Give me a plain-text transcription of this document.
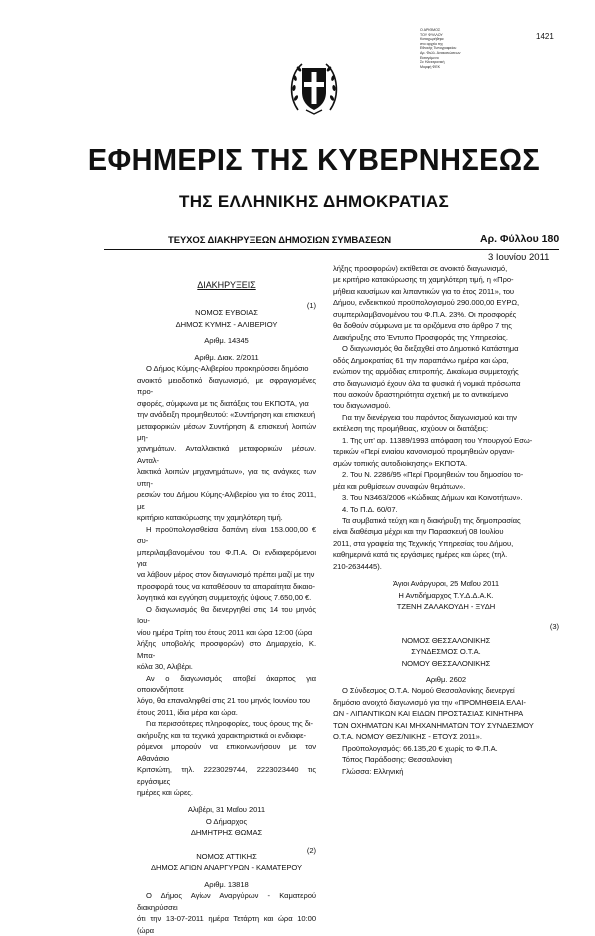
Ο ΑΡΙΘΜΟΣ
ΤΟΥ ΦΥΛΛΟΥ
Καταχωρήθηκε
στο αρχείο της
Εθνικής Τυπογραφείου
Αρ. Φυλλ. Ανακοινώσεων
Εισαγόμενο
Σε Ηλεκτρονική
Μορφή ΦΕΚ
1421
ΕΦΗΜΕΡΙΣ ΤΗΣ ΚΥΒΕΡΝΗΣΕΩΣ
ΤΗΣ ΕΛΛΗΝΙΚΗΣ ΔΗΜΟΚΡΑΤΙΑΣ
ΤΕΥΧΟΣ ΔΙΑΚΗΡΥΞΕΩΝ ΔΗΜΟΣΙΩΝ ΣΥΜΒΑΣΕΩΝ	Αρ. Φύλλου 180
3 Ιουνίου 2011

ΔΙΑΚΗΡΥΞΕΙΣ

(1)

ΝΟΜΟΣ ΕΥΒΟΙΑΣ

ΔΗΜΟΣ ΚΥΜΗΣ - ΑΛΙΒΕΡΙΟΥ

Αριθμ. 14345

Αριθμ. Διακ. 2/2011

Ο Δήμος Κύμης-Αλιβερίου προκηρύσσει δημόσιο

ανοικτό μειοδοτικό διαγωνισμό, με σφραγισμένες προ-

σφορές, σύμφωνα με τις διατάξεις του ΕΚΠΟΤΑ, για

την ανάδειξη προμηθευτού: «Συντήρηση και επισκευή

μεταφορικών μέσων Συντήρηση & επισκευή λοιπών μη-

χανημάτων. Ανταλλακτικά μεταφορικών μέσων. Ανταλ-

λακτικά λοιπών μηχανημάτων», για τις ανάγκες των υπη-

ρεσιών του Δήμου Κύμης-Αλιβερίου για το έτος 2011, με

κριτήριο κατακύρωσης την χαμηλότερη τιμή.

Η προϋπολογισθείσα δαπάνη είναι 153.000,00 € συ-

μπεριλαμβανομένου του Φ.Π.Α. Οι ενδιαφερόμενοι για

να λάβουν μέρος στον διαγωνισμό πρέπει μαζί με την

προσφορά τους να καταθέσουν τα απαραίτητα δικαιο-

λογητικά και εγγύηση συμμετοχής ύψους 7.650,00 €.

Ο διαγωνισμός θα διενεργηθεί στις 14 του μηνός Ιου-

νίου ημέρα Τρίτη του έτους 2011 και ώρα 12:00 (ώρα

λήξης υποβολής προσφορών) στο Δημαρχείο, Κ. Μπα-

κόλα 30, Αλιβέρι.

Αν ο διαγωνισμός αποβεί άκαρπος για οποιονδήποτε

λόγο, θα επαναληφθεί στις 21 του μηνός Ιουνίου του

έτους 2011, ίδια μέρα και ώρα.

Για περισσότερες πληροφορίες, τους όρους της δι-

ακήρυξης και τα τεχνικά χαρακτηριστικά οι ενδιαφε-

ρόμενοι μπορούν να επικοινωνήσουν με τον Αθανάσιο

Κριτσιώτη, τηλ. 2223029744, 2223023440 τις εργάσιμες

ημέρες και ώρες.

Αλιβέρι, 31 Μαΐου 2011

Ο Δήμαρχος

ΔΗΜΗΤΡΗΣ ΘΩΜΑΣ

(2)

ΝΟΜΟΣ ΑΤΤΙΚΗΣ

ΔΗΜΟΣ ΑΓΙΩΝ ΑΝΑΡΓΥΡΩΝ - ΚΑΜΑΤΕΡΟΥ

Αριθμ. 13818

Ο Δήμος Αγίων Αναργύρων - Καματερού διακηρύσσει

ότι την 13-07-2011 ημέρα Τετάρτη και ώρα 10:00 (ώρα

λήξης προσφορών) εκτίθεται σε ανοικτό διαγωνισμό,

με κριτήριο κατακύρωσης τη χαμηλότερη τιμή, η «Προ-

μήθεια καυσίμων και λιπαντικών για το έτος 2011», του

Δήμου, ενδεικτικού προϋπολογισμού 290.000,00 ΕΥΡΩ,

συμπεριλαμβανομένου του Φ.Π.Α. 23%. Οι προσφορές

θα δοθούν σύμφωνα με τα οριζόμενα στο άρθρο 7 της

Διακήρυξης στο Έντυπο Προσφοράς της Υπηρεσίας.

Ο διαγωνισμός θα διεξαχθεί στο Δημοτικό Κατάστημα

οδός Δημοκρατίας 61 την παραπάνω ημέρα και ώρα,

ενώπιον της αρμόδιας επιτροπής. Δικαίωμα συμμετοχής

στο διαγωνισμό έχουν όλα τα φυσικά ή νομικά πρόσωπα

που ασκούν δραστηριότητα σχετική με το αντικείμενο

του διαγωνισμού.

Για την διενέργεια του παρόντος διαγωνισμού και την

εκτέλεση της προμήθειας, ισχύουν οι διατάξεις:

1. Της υπ' αρ. 11389/1993 απόφαση του Υπουργού Εσω-

τερικών «Περί ενιαίου κανονισμού προμηθειών οργανι-

σμών τοπικής αυτοδιοίκησης» ΕΚΠΟΤΑ.

2. Του Ν. 2286/95 «Περί Προμηθειών του δημοσίου το-

μέα και ρυθμίσεων συναφών θεμάτων».

3. Του Ν3463/2006 «Κώδικας Δήμων και Κοινοτήτων».

4. Το Π.Δ. 60/07.

Τα συμβατικά τεύχη και η διακήρυξη της δημοπρασίας

είναι διαθέσιμα μέχρι και την Παρασκευή 08 Ιουλίου

2011, στα γραφεία της Τεχνικής Υπηρεσίας του Δήμου,

καθημερινά κατά τις εργάσιμες ημέρες και ώρες (τηλ.

210-2634445).

Άγιοι Ανάργυροι, 25 Μαΐου 2011

Η Αντιδήμαρχος Τ.Υ.Δ.Δ.Α.Κ.

ΤΖΕΝΗ ΖΑΛΑΚΟΥΔΗ - ΞΥΔΗ

(3)

ΝΟΜΟΣ ΘΕΣΣΑΛΟΝΙΚΗΣ

ΣΥΝΔΕΣΜΟΣ Ο.Τ.Α.

ΝΟΜΟΥ ΘΕΣΣΑΛΟΝΙΚΗΣ

Αριθμ. 2602

Ο Σύνδεσμος Ο.Τ.Α. Νομού Θεσσαλονίκης διενεργεί

δημόσιο ανοιχτό διαγωνισμό για την «ΠΡΟΜΗΘΕΙΑ ΕΛΑΙ-

ΩΝ - ΛΙΠΑΝΤΙΚΩΝ ΚΑΙ ΕΙΔΩΝ ΠΡΟΣΤΑΣΙΑΣ ΚΙΝΗΤΗΡΑ

ΤΩΝ ΟΧΗΜΑΤΩΝ ΚΑΙ ΜΗΧΑΝΗΜΑΤΩΝ ΤΟΥ ΣΥΝΔΕΣΜΟΥ

Ο.Τ.Α. ΝΟΜΟΥ ΘΕΣ/ΝΙΚΗΣ - ΕΤΟΥΣ 2011».

Προϋπολογισμός: 66.135,20 € χωρίς το Φ.Π.Α.

Τόπος Παράδοσης: Θεσσαλονίκη

Γλώσσα: Ελληνική
